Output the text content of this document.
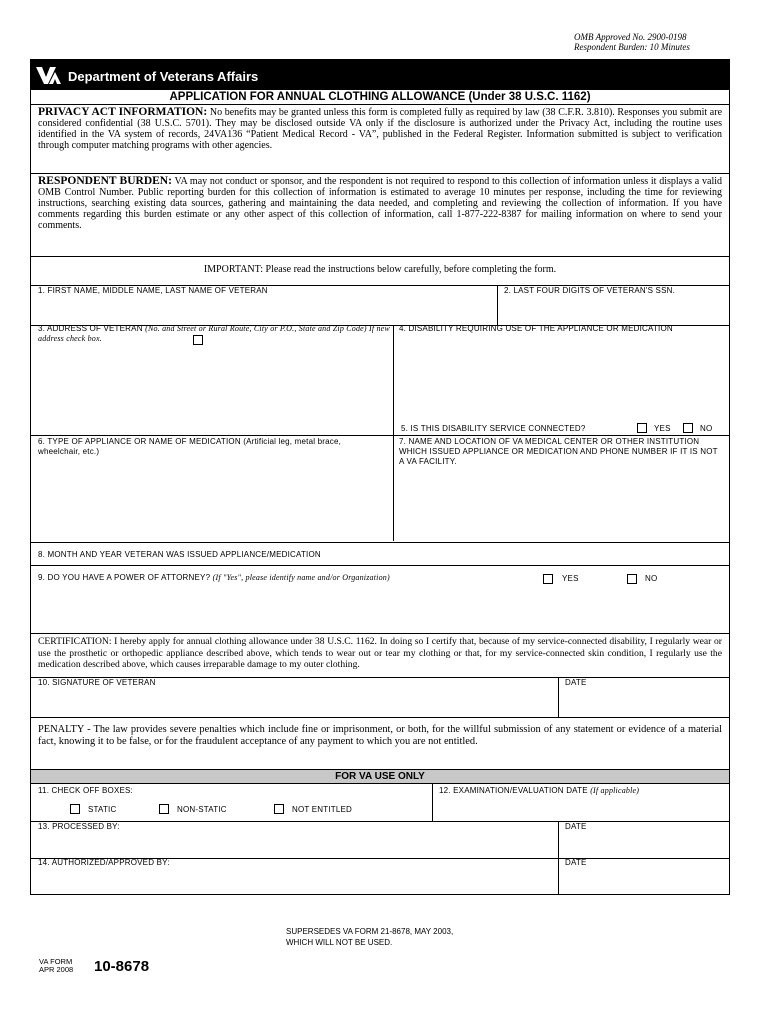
OMB Approved No. 2900-0198
Respondent Burden: 10 Minutes
Department of Veterans Affairs
APPLICATION FOR ANNUAL CLOTHING ALLOWANCE (Under 38 U.S.C. 1162)
PRIVACY ACT INFORMATION: No benefits may be granted unless this form is completed fully as required by law (38 C.F.R. 3.810). Responses you submit are considered confidential (38 U.S.C. 5701). They may be disclosed outside VA only if the disclosure is authorized under the Privacy Act, including the routine uses identified in the VA system of records, 24VA136 “Patient Medical Record - VA”, published in the Federal Register. Information submitted is subject to verification through computer matching programs with other agencies.
RESPONDENT BURDEN: VA may not conduct or sponsor, and the respondent is not required to respond to this collection of information unless it displays a valid OMB Control Number. Public reporting burden for this collection of information is estimated to average 10 minutes per response, including the time for reviewing instructions, searching existing data sources, gathering and maintaining the data needed, and completing and reviewing the collection of information. If you have comments regarding this burden estimate or any other aspect of this collection of information, call 1-877-222-8387 for mailing information on where to send your comments.
IMPORTANT: Please read the instructions below carefully, before completing the form.
1. FIRST NAME, MIDDLE NAME, LAST NAME OF VETERAN	2. LAST FOUR DIGITS OF VETERAN'S SSN.
3. ADDRESS OF VETERAN (No. and Street or Rural Route, City or P.O., State and Zip Code) If new address check box.
4. DISABILITY REQUIRING USE OF THE APPLIANCE OR MEDICATION
5. IS THIS DISABILITY SERVICE CONNECTED?	YES	NO
6. TYPE OF APPLIANCE OR NAME OF MEDICATION (Artificial leg, metal brace, wheelchair, etc.)
7. NAME AND LOCATION OF VA MEDICAL CENTER OR OTHER INSTITUTION WHICH ISSUED APPLIANCE OR MEDICATION AND PHONE NUMBER IF IT IS NOT A VA FACILITY.
8. MONTH AND YEAR VETERAN WAS ISSUED APPLIANCE/MEDICATION
9. DO YOU HAVE A POWER OF ATTORNEY? (If "Yes", please identify name and/or Organization)	YES	NO
CERTIFICATION: I hereby apply for annual clothing allowance under 38 U.S.C. 1162. In doing so I certify that, because of my service-connected disability, I regularly wear or use the prosthetic or orthopedic appliance described above, which tends to wear out or tear my clothing or that, for my service-connected skin condition, I regularly use the medication described above, which causes irreparable damage to my outer clothing.
10. SIGNATURE OF VETERAN	DATE
PENALTY - The law provides severe penalties which include fine or imprisonment, or both, for the willful submission of any statement or evidence of a material fact, knowing it to be false, or for the fraudulent acceptance of any payment to which you are not entitled.
FOR VA USE ONLY
11. CHECK OFF BOXES:
STATIC	NON-STATIC	NOT ENTITLED
12. EXAMINATION/EVALUATION DATE (If applicable)
13. PROCESSED BY:	DATE
14. AUTHORIZED/APPROVED BY:	DATE
SUPERSEDES VA FORM 21-8678, MAY 2003,
WHICH WILL NOT BE USED.
VA FORM
APR 2008 10-8678
